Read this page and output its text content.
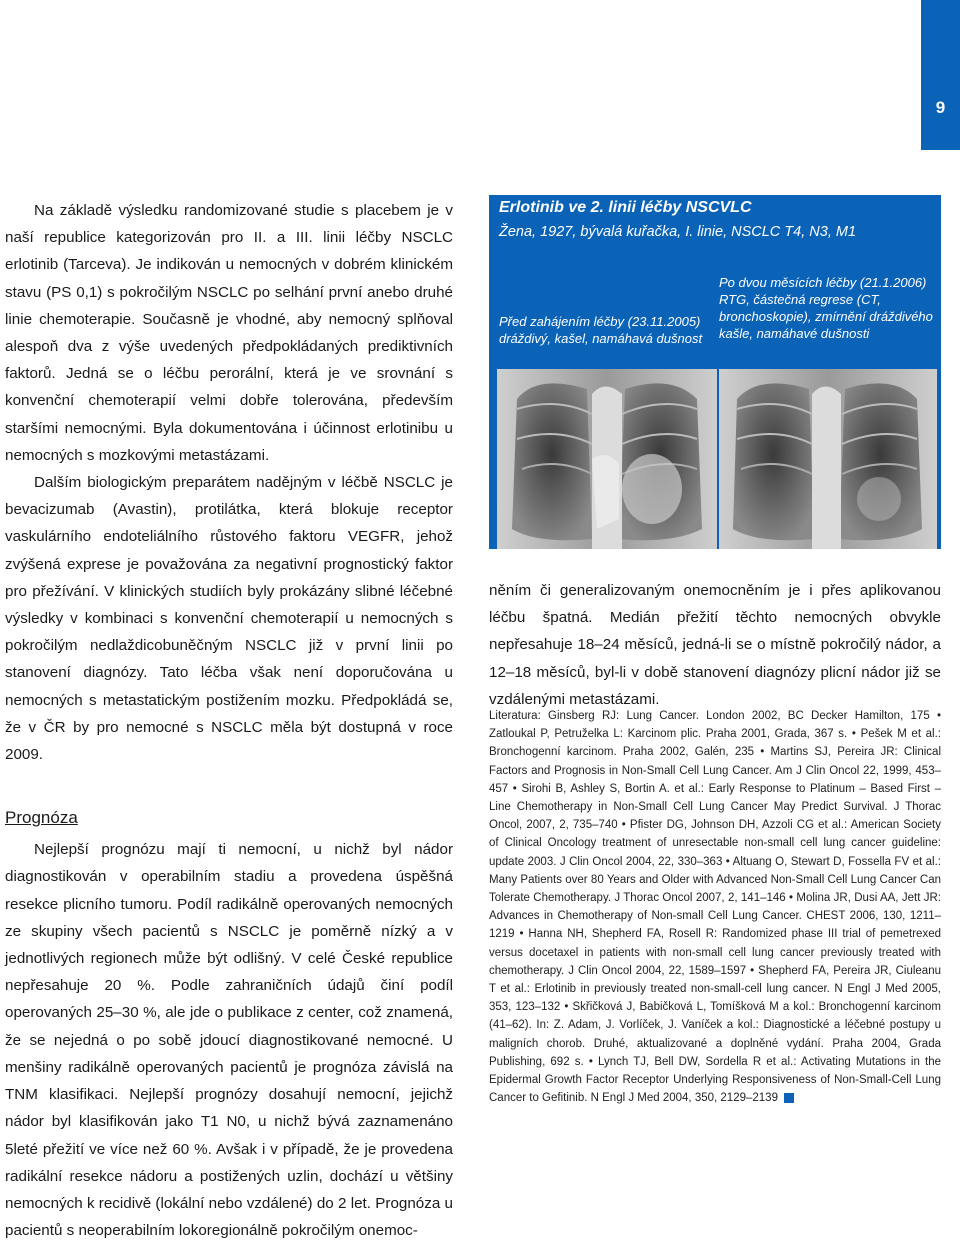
9

Na základě výsledku randomizované studie s placebem je v naší republice kategorizován pro II. a III. linii léčby NSCLC erlotinib (Tarceva). Je indikován u nemocných v dobrém klinickém stavu (PS 0,1) s pokročilým NSCLC po selhání první anebo druhé linie chemoterapie. Současně je vhodné, aby nemocný splňoval alespoň dva z výše uvedených předpokládaných prediktivních faktorů. Jedná se o léčbu perorální, která je ve srovnání s konvenční chemoterapií velmi dobře tolerována, především staršími nemocnými. Byla dokumentována i účinnost erlotinibu u nemocných s mozkovými metastázami.

Dalším biologickým preparátem nadějným v léčbě NSCLC je bevacizumab (Avastin), protilátka, která blokuje receptor vaskulárního endoteliálního růstového faktoru VEGFR, jehož zvýšená exprese je považována za negativní prognostický faktor pro přežívání. V klinických studiích byly prokázány slibné léčebné výsledky v kombinaci s konvenční chemoterapií u nemocných s pokročilým nedlaždicobuněčným NSCLC již v první linii po stanovení diagnózy. Tato léčba však není doporučována u nemocných s metastatickým postižením mozku. Předpokládá se, že v ČR by pro nemocné s NSCLC měla být dostupná v roce 2009.

Prognóza

Nejlepší prognózu mají ti nemocní, u nichž byl nádor diagnostikován v operabilním stadiu a provedena úspěšná resekce plicního tumoru. Podíl radikálně operovaných nemocných ze skupiny všech pacientů s NSCLC je poměrně nízký a v jednotlivých regionech může být odlišný. V celé České republice nepřesahuje 20 %. Podle zahraničních údajů činí podíl operovaných 25–30 %, ale jde o publikace z center, což znamená, že se nejedná o po sobě jdoucí diagnostikované nemocné. U menšiny radikálně operovaných pacientů je prognóza závislá na TNM klasifikaci. Nejlepší prognózy dosahují nemocní, jejichž nádor byl klasifikován jako T1 N0, u nichž bývá zaznamenáno 5leté přežití ve více než 60 %. Avšak i v případě, že je provedena radikální resekce nádoru a postižených uzlin, dochází u většiny nemocných k recidivě (lokální nebo vzdálené) do 2 let. Prognóza u pacientů s neoperabilním lokoregionálně pokročilým onemoc-

Erlotinib ve 2. linii léčby NSCVLC
Žena, 1927, bývalá kuřačka, I. linie, NSCLC T4, N3, M1
Před zahájením léčby (23.11.2005) dráždivý, kašel, namáhavá dušnost
Po dvou měsících léčby (21.1.2006) RTG, částečná regrese (CT, bronchoskopie), zmírnění dráždivého kašle, namáhavé dušnosti

něním či generalizovaným onemocněním je i přes aplikovanou léčbu špatná. Medián přežití těchto nemocných obvykle nepřesahuje 18–24 měsíců, jedná-li se o místně pokročilý nádor, a 12–18 měsíců, byl-li v době stanovení diagnózy plicní nádor již se vzdálenými metastázami.

Literatura: Ginsberg RJ: Lung Cancer. London 2002, BC Decker Hamilton, 175 • Zatloukal P, Petruželka L: Karcinom plic. Praha 2001, Grada, 367 s. • Pešek M et al.: Bronchogenní karcinom. Praha 2002, Galén, 235 • Martins SJ, Pereira JR: Clinical Factors and Prognosis in Non-Small Cell Lung Cancer. Am J Clin Oncol 22, 1999, 453–457 • Sirohi B, Ashley S, Bortin A. et al.: Early Response to Platinum – Based First – Line Chemotherapy in Non-Small Cell Lung Cancer May Predict Survival. J Thorac Oncol, 2007, 2, 735–740 • Pfister DG, Johnson DH, Azzoli CG et al.: American Society of Clinical Oncology treatment of unresectable non-small cell lung cancer guideline: update 2003. J Clin Oncol 2004, 22, 330–363 • Altuang O, Stewart D, Fossella FV et al.: Many Patients over 80 Years and Older with Advanced Non-Small Cell Lung Cancer Can Tolerate Chemotherapy. J Thorac Oncol 2007, 2, 141–146 • Molina JR, Dusi AA, Jett JR: Advances in Chemotherapy of Non-small Cell Lung Cancer. CHEST 2006, 130, 1211–1219 • Hanna NH, Shepherd FA, Rosell R: Randomized phase III trial of pemetrexed versus docetaxel in patients with non-small cell lung cancer previously treated with chemotherapy. J Clin Oncol 2004, 22, 1589–1597 • Shepherd FA, Pereira JR, Ciuleanu T et al.: Erlotinib in previously treated non-small-cell lung cancer. N Engl J Med 2005, 353, 123–132 • Skřičková J, Babičková L, Tomíšková M a kol.: Bronchogenní karcinom (41–62). In: Z. Adam, J. Vorlíček, J. Vaníček a kol.: Diagnostické a léčebné postupy u maligních chorob. Druhé, aktualizované a doplněné vydání. Praha 2004, Grada Publishing, 692 s. • Lynch TJ, Bell DW, Sordella R et al.: Activating Mutations in the Epidermal Growth Factor Receptor Underlying Responsiveness of Non-Small-Cell Lung Cancer to Gefitinib. N Engl J Med 2004, 350, 2129–2139
